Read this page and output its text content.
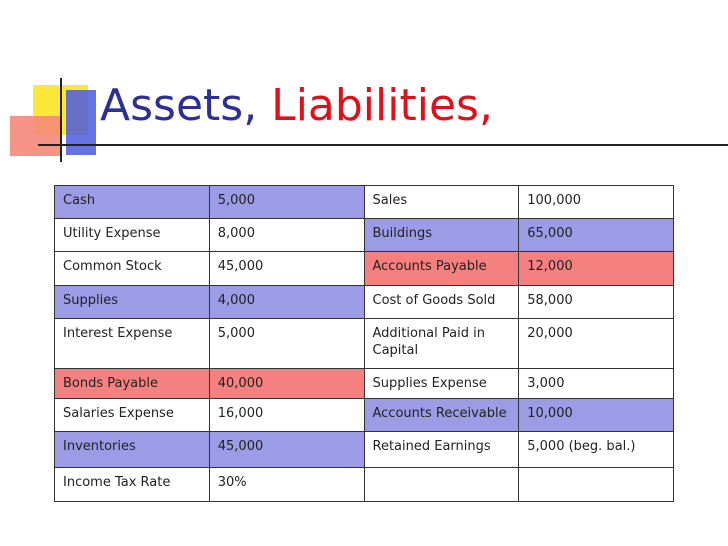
Assets, Liabilities,
Cash	5,000	Sales	100,000
Utility Expense	8,000	Buildings	65,000
Common Stock	45,000	Accounts Payable	12,000
Supplies	4,000	Cost of Goods Sold	58,000
Interest Expense	5,000	Additional Paid in Capital	20,000
Bonds Payable	40,000	Supplies Expense	3,000
Salaries Expense	16,000	Accounts Receivable	10,000
Inventories	45,000	Retained Earnings	5,000 (beg. bal.)
Income Tax Rate	30%		
